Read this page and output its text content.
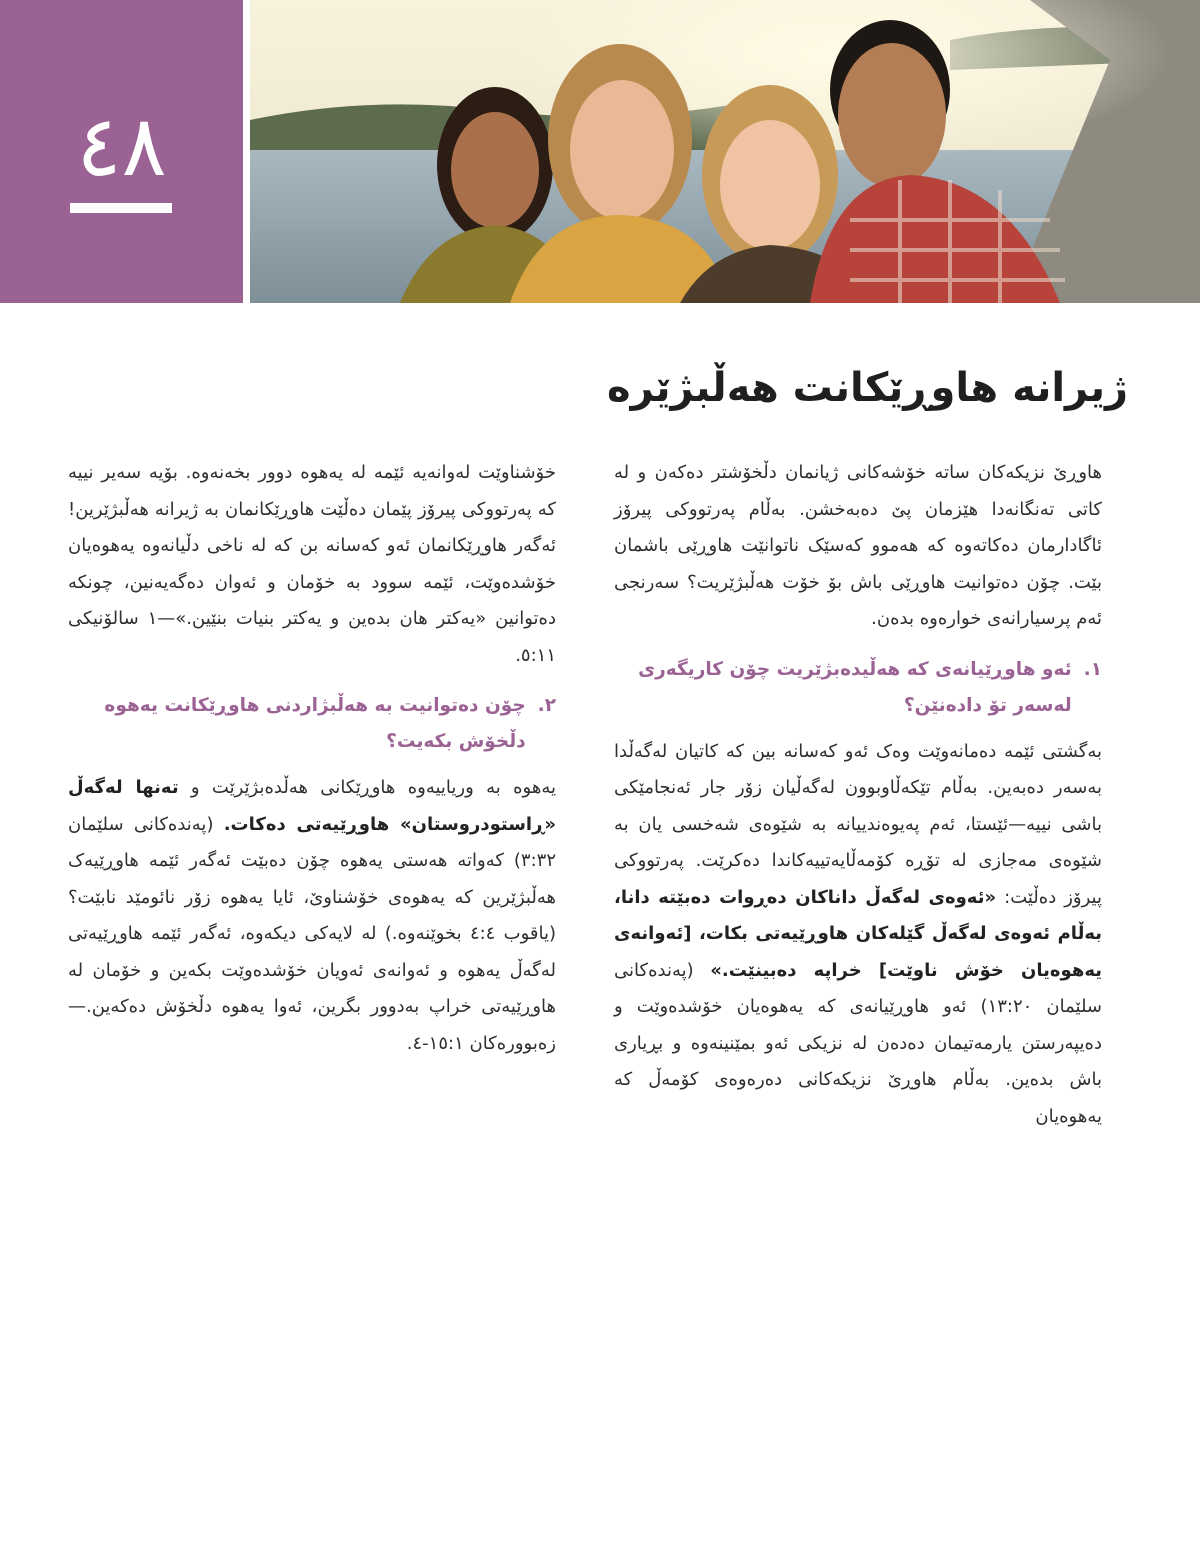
٤٨
ژیرانە هاوڕێکانت هەڵبژێرە

هاوڕێ نزیکەکان ساتە خۆشەکانی ژیانمان دڵخۆشتر دەکەن و لە کاتی تەنگانەدا هێزمان پێ دەبەخشن. بەڵام پەرتووکی پیرۆز ئاگادارمان دەکاتەوە کە هەموو کەسێک ناتوانێت هاوڕێی باشمان بێت. چۆن دەتوانیت هاوڕێی باش بۆ خۆت هەڵبژێریت؟ سەرنجی ئەم پرسیارانەی خوارەوە بدەن.

١.
ئەو هاوڕێیانەی کە هەڵیدەبژێریت چۆن کاریگەری لەسەر تۆ دادەنێن؟

بەگشتی ئێمە دەمانەوێت وەک ئەو کەسانە بین کە کاتیان لەگەڵدا بەسەر دەبەین. بەڵام تێکەڵاوبوون لەگەڵیان زۆر جار ئەنجامێکی باشی نییە—ئێستا، ئەم پەیوەندییانە بە شێوەی شەخسی یان بە شێوەی مەجازی لە تۆڕە کۆمەڵایەتییەکاندا دەکرێت. پەرتووکی پیرۆز دەڵێت: «ئەوەی لەگەڵ داناکان دەڕوات دەبێتە دانا، بەڵام ئەوەی لەگەڵ گێلەکان هاوڕێیەتی بکات، [ئەوانەی یەهوەیان خۆش ناوێت] خراپە دەبینێت.» (پەندەکانی سلێمان ١٣:٢٠) ئەو هاوڕێیانەی کە یەهوەیان خۆشدەوێت و دەیپەرستن یارمەتیمان دەدەن لە نزیکی ئەو بمێنینەوە و بڕیاری باش بدەین. بەڵام هاوڕێ نزیکەکانی دەرەوەی کۆمەڵ کە یەهوەیان

خۆشناوێت لەوانەیە ئێمە لە یەهوە دوور بخەنەوە. بۆیە سەیر نییە کە پەرتووکی پیرۆز پێمان دەڵێت هاوڕێکانمان بە ژیرانە هەڵبژێرین! ئەگەر هاوڕێکانمان ئەو کەسانە بن کە لە ناخی دڵیانەوە یەهوەیان خۆشدەوێت، ئێمە سوود بە خۆمان و ئەوان دەگەیەنین، چونکە دەتوانین «یەکتر هان بدەین و یەکتر بنیات بنێین.»—١ سالۆنیکی ٥:١١.

٢.
چۆن دەتوانیت بە هەڵبژاردنی هاوڕێکانت یەهوە دڵخۆش بکەیت؟

یەهوە بە وریاییەوە هاوڕێکانی هەڵدەبژێرێت و تەنها لەگەڵ «ڕاستودروستان» هاوڕێیەتی دەکات. (پەندەکانی سلێمان ٣:٣٢) کەواتە هەستی یەهوە چۆن دەبێت ئەگەر ئێمە هاوڕێیەک هەڵبژێرین کە یەهوەی خۆشناوێ، ئایا یەهوە زۆر نائومێد نابێت؟ (یاقوب ٤:٤ بخوێنەوە.) لە لایەکی دیکەوە، ئەگەر ئێمە هاوڕێیەتی لەگەڵ یەهوە و ئەوانەی ئەویان خۆشدەوێت بکەین و خۆمان لە هاوڕێیەتی خراپ بەدوور بگرین، ئەوا یەهوە دڵخۆش دەکەین.—زەبوورەکان ١٥:١-٤.
